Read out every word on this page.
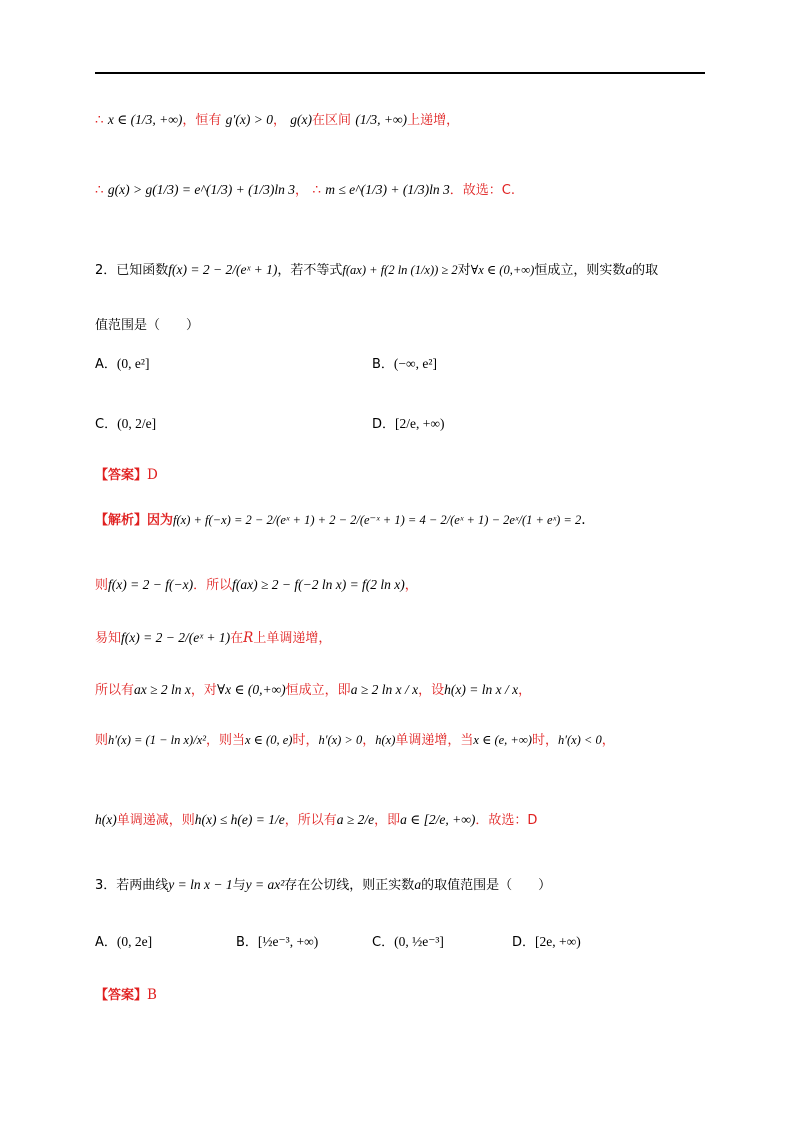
∴ x ∈ (1/3, +∞)，恒有 g′(x) > 0， g(x)在区间 (1/3, +∞)上递增，
∴ g(x) > g(1/3) = e^(1/3) + (1/3)ln 3， ∴ m ≤ e^(1/3) + (1/3)ln 3．故选：C.
2．已知函数f(x) = 2 − 2/(eˣ + 1)，若不等式f(ax) + f(2 ln (1/x)) ≥ 2对∀x ∈ (0,+∞)恒成立，则实数a的取
值范围是（　　）
A．(0, e²]	B．(−∞, e²]
C．(0, 2/e]	D．[2/e, +∞)
【答案】D
【解析】因为f(x) + f(−x) = 2 − 2/(eˣ + 1) + 2 − 2/(e⁻ˣ + 1) = 4 − 2/(eˣ + 1) − 2eˣ/(1 + eˣ) = 2.
则f(x) = 2 − f(−x)．所以f(ax) ≥ 2 − f(−2 ln x) = f(2 ln x)，
易知f(x) = 2 − 2/(eˣ + 1)在R上单调递增，
所以有ax ≥ 2 ln x，对∀x ∈ (0,+∞)恒成立，即a ≥ 2 ln x / x，设h(x) = ln x / x，
则h′(x) = (1 − ln x)/x²，则当x ∈ (0, e)时，h′(x) > 0，h(x)单调递增，当x ∈ (e, +∞)时，h′(x) < 0，
h(x)单调递减，则h(x) ≤ h(e) = 1/e，所以有a ≥ 2/e，即a ∈ [2/e, +∞)．故选：D
3．若两曲线y = ln x − 1与y = ax²存在公切线，则正实数a的取值范围是（　　）
A．(0, 2e]	B．[½e⁻³, +∞)	C．(0, ½e⁻³]	D．[2e, +∞)
【答案】B
